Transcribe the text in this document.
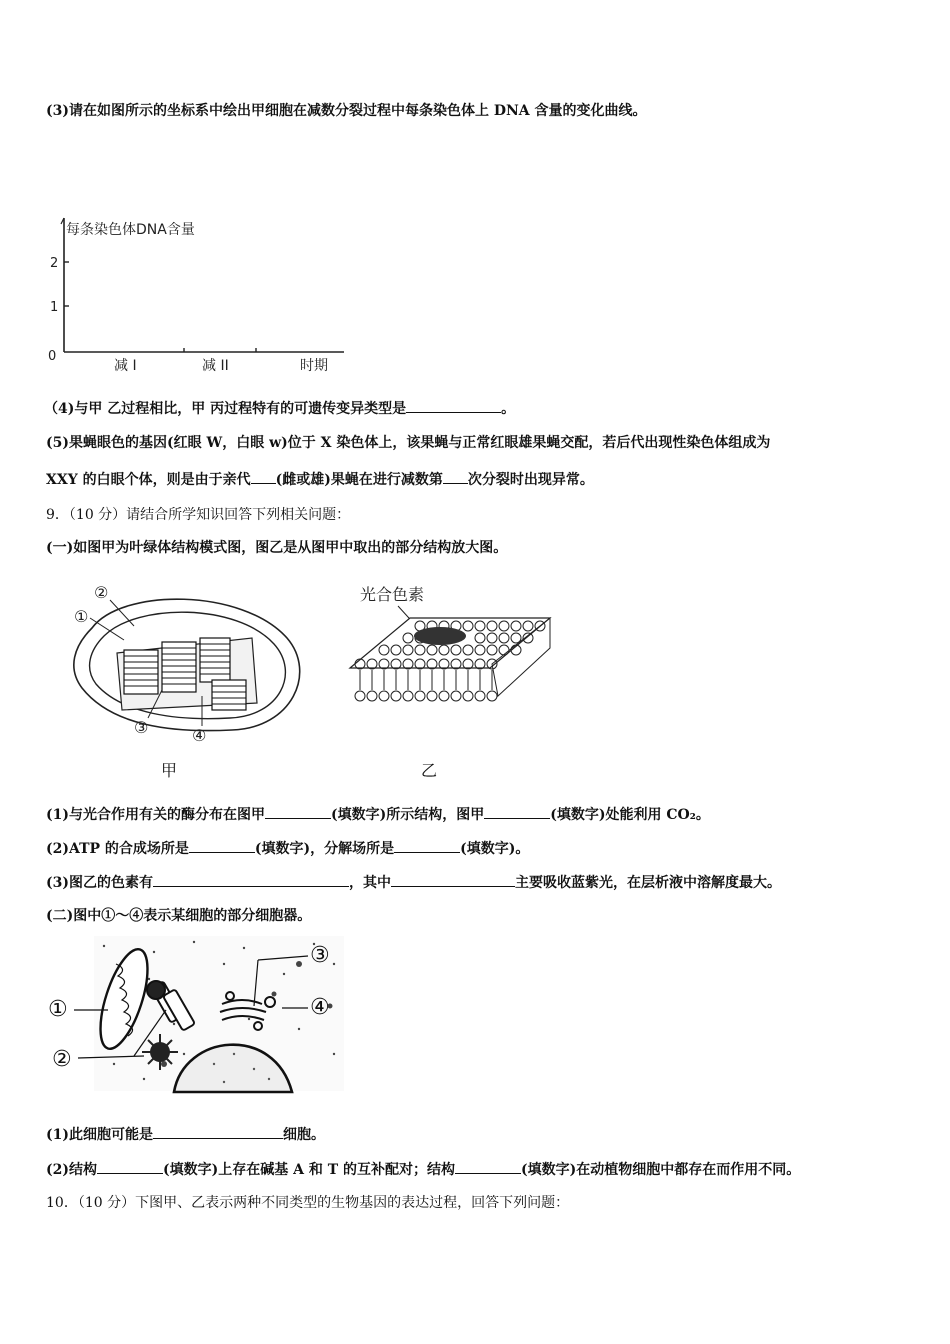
(3)请在如图所示的坐标系中绘出甲细胞在减数分裂过程中每条染色体上 DNA 含量的变化曲线。
每条染色体DNA含量
2
1
0
减 I	减 II	时期
（4)与甲 乙过程相比，甲 丙过程特有的可遗传变异类型是	。
(5)果蝇眼色的基因(红眼 W，白眼 w)位于 X 染色体上，该果蝇与正常红眼雄果蝇交配，若后代出现性染色体组成为
XXY 的白眼个体，则是由于亲代 (雌或雄)果蝇在进行减数第 次分裂时出现异常。
9．（10 分）请结合所学知识回答下列相关问题：
(一)如图甲为叶绿体结构模式图，图乙是从图甲中取出的部分结构放大图。
②
①
③	④
甲
光合色素
乙
(1)与光合作用有关的酶分布在图甲	(填数字)所示结构，图甲	(填数字)处能利用 CO₂。
(2)ATP 的合成场所是	(填数字)，分解场所是	(填数字)。
(3)图乙的色素有	，其中	主要吸收蓝紫光，在层析液中溶解度最大。
(二)图中①～④表示某细胞的部分细胞器。
①
②
③
④
(1)此细胞可能是	细胞。
(2)结构	(填数字)上存在碱基 A 和 T 的互补配对；结构	(填数字)在动植物细胞中都存在而作用不同。
10．（10 分）下图甲、乙表示两种不同类型的生物基因的表达过程，回答下列问题：
